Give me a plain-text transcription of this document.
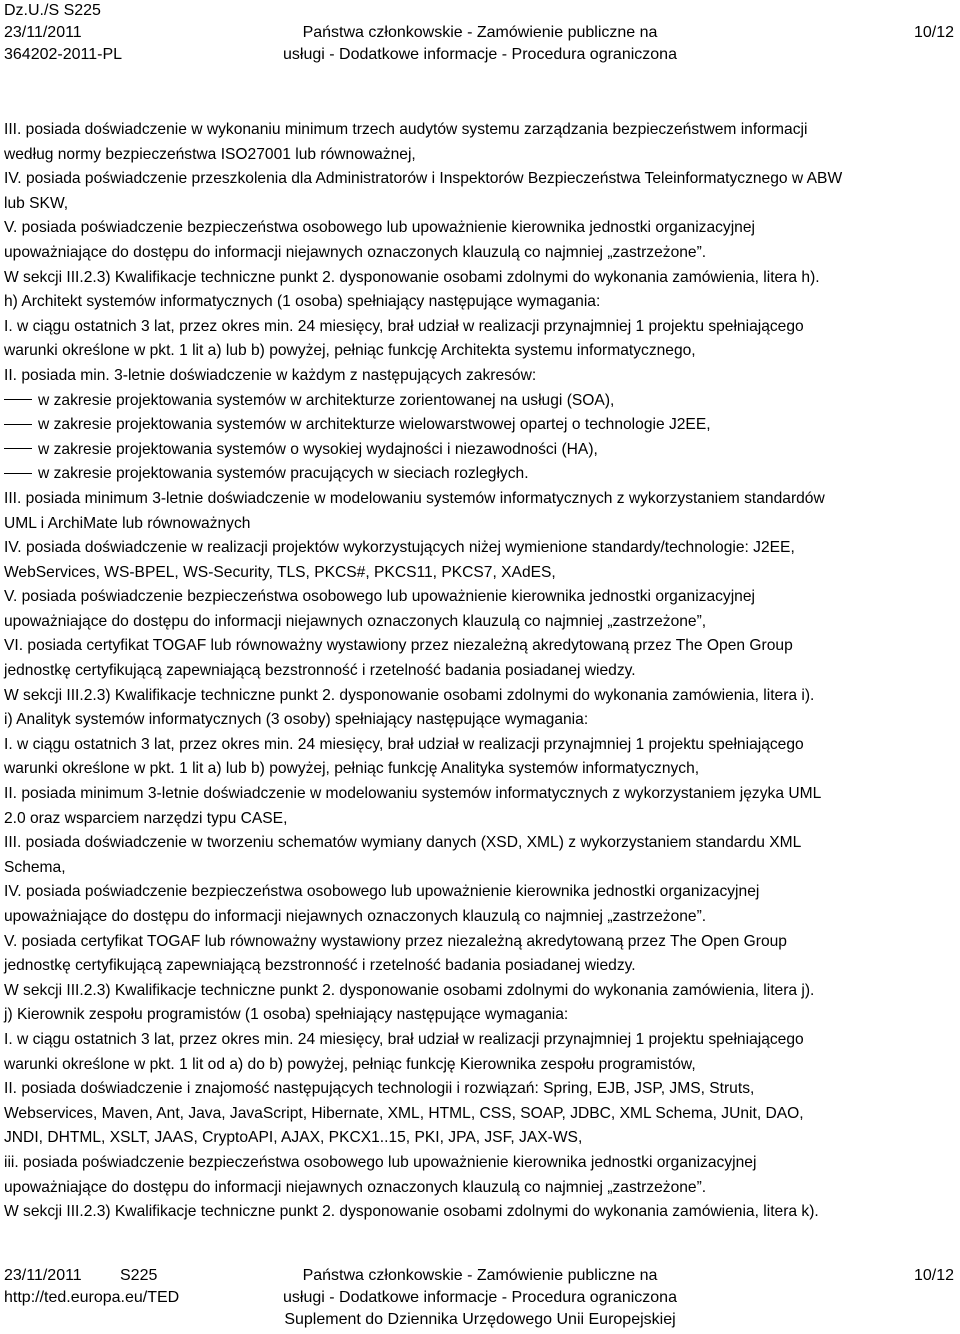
Dz.U./S S225
23/11/2011	Państwa członkowskie - Zamówienie publiczne na	10/12
364202-2011-PL	usługi - Dodatkowe informacje - Procedura ograniczona

III. posiada doświadczenie w wykonaniu minimum trzech audytów systemu zarządzania bezpieczeństwem informacji

według normy bezpieczeństwa ISO27001 lub równoważnej,

IV. posiada poświadczenie przeszkolenia dla Administratorów i Inspektorów Bezpieczeństwa Teleinformatycznego w ABW

lub SKW,

V. posiada poświadczenie bezpieczeństwa osobowego lub upoważnienie kierownika jednostki organizacyjnej

upoważniające do dostępu do informacji niejawnych oznaczonych klauzulą co najmniej „zastrzeżone”.

W sekcji III.2.3) Kwalifikacje techniczne punkt 2. dysponowanie osobami zdolnymi do wykonania zamówienia, litera h).

h) Architekt systemów informatycznych (1 osoba) spełniający następujące wymagania:

I. w ciągu ostatnich 3 lat, przez okres min. 24 miesięcy, brał udział w realizacji przynajmniej 1 projektu spełniającego

warunki określone w pkt. 1 lit a) lub b) powyżej, pełniąc funkcję Architekta systemu informatycznego,

II. posiada min. 3-letnie doświadczenie w każdym z następujących zakresów:

w zakresie projektowania systemów w architekturze zorientowanej na usługi (SOA),

w zakresie projektowania systemów w architekturze wielowarstwowej opartej o technologie J2EE,

w zakresie projektowania systemów o wysokiej wydajności i niezawodności (HA),

w zakresie projektowania systemów pracujących w sieciach rozległych.

III. posiada minimum 3-letnie doświadczenie w modelowaniu systemów informatycznych z wykorzystaniem standardów

UML i ArchiMate lub równoważnych

IV. posiada doświadczenie w realizacji projektów wykorzystujących niżej wymienione standardy/technologie: J2EE,

WebServices, WS-BPEL, WS-Security, TLS, PKCS#, PKCS11, PKCS7, XAdES,

V. posiada poświadczenie bezpieczeństwa osobowego lub upoważnienie kierownika jednostki organizacyjnej

upoważniające do dostępu do informacji niejawnych oznaczonych klauzulą co najmniej „zastrzeżone”,

VI. posiada certyfikat TOGAF lub równoważny wystawiony przez niezależną akredytowaną przez The Open Group

jednostkę certyfikującą zapewniającą bezstronność i rzetelność badania posiadanej wiedzy.

W sekcji III.2.3) Kwalifikacje techniczne punkt 2. dysponowanie osobami zdolnymi do wykonania zamówienia, litera i).

i) Analityk systemów informatycznych (3 osoby) spełniający następujące wymagania:

I. w ciągu ostatnich 3 lat, przez okres min. 24 miesięcy, brał udział w realizacji przynajmniej 1 projektu spełniającego

warunki określone w pkt. 1 lit a) lub b) powyżej, pełniąc funkcję Analityka systemów informatycznych,

II. posiada minimum 3-letnie doświadczenie w modelowaniu systemów informatycznych z wykorzystaniem języka UML

2.0 oraz wsparciem narzędzi typu CASE,

III. posiada doświadczenie w tworzeniu schematów wymiany danych (XSD, XML) z wykorzystaniem standardu XML

Schema,

IV. posiada poświadczenie bezpieczeństwa osobowego lub upoważnienie kierownika jednostki organizacyjnej

upoważniające do dostępu do informacji niejawnych oznaczonych klauzulą co najmniej „zastrzeżone”.

V. posiada certyfikat TOGAF lub równoważny wystawiony przez niezależną akredytowaną przez The Open Group

jednostkę certyfikującą zapewniającą bezstronność i rzetelność badania posiadanej wiedzy.

W sekcji III.2.3) Kwalifikacje techniczne punkt 2. dysponowanie osobami zdolnymi do wykonania zamówienia, litera j).

j) Kierownik zespołu programistów (1 osoba) spełniający następujące wymagania:

I. w ciągu ostatnich 3 lat, przez okres min. 24 miesięcy, brał udział w realizacji przynajmniej 1 projektu spełniającego

warunki określone w pkt. 1 lit od a) do b) powyżej, pełniąc funkcję Kierownika zespołu programistów,

II. posiada doświadczenie i znajomość następujących technologii i rozwiązań: Spring, EJB, JSP, JMS, Struts,

Webservices, Maven, Ant, Java, JavaScript, Hibernate, XML, HTML, CSS, SOAP, JDBC, XML Schema, JUnit, DAO,

JNDI, DHTML, XSLT, JAAS, CryptoAPI, AJAX, PKCX1..15, PKI, JPA, JSF, JAX-WS,

iii. posiada poświadczenie bezpieczeństwa osobowego lub upoważnienie kierownika jednostki organizacyjnej

upoważniające do dostępu do informacji niejawnych oznaczonych klauzulą co najmniej „zastrzeżone”.

W sekcji III.2.3) Kwalifikacje techniczne punkt 2. dysponowanie osobami zdolnymi do wykonania zamówienia, litera k).

23/11/2011 S225	Państwa członkowskie - Zamówienie publiczne na	10/12
http://ted.europa.eu/TED	usługi - Dodatkowe informacje - Procedura ograniczona
Suplement do Dziennika Urzędowego Unii Europejskiej
